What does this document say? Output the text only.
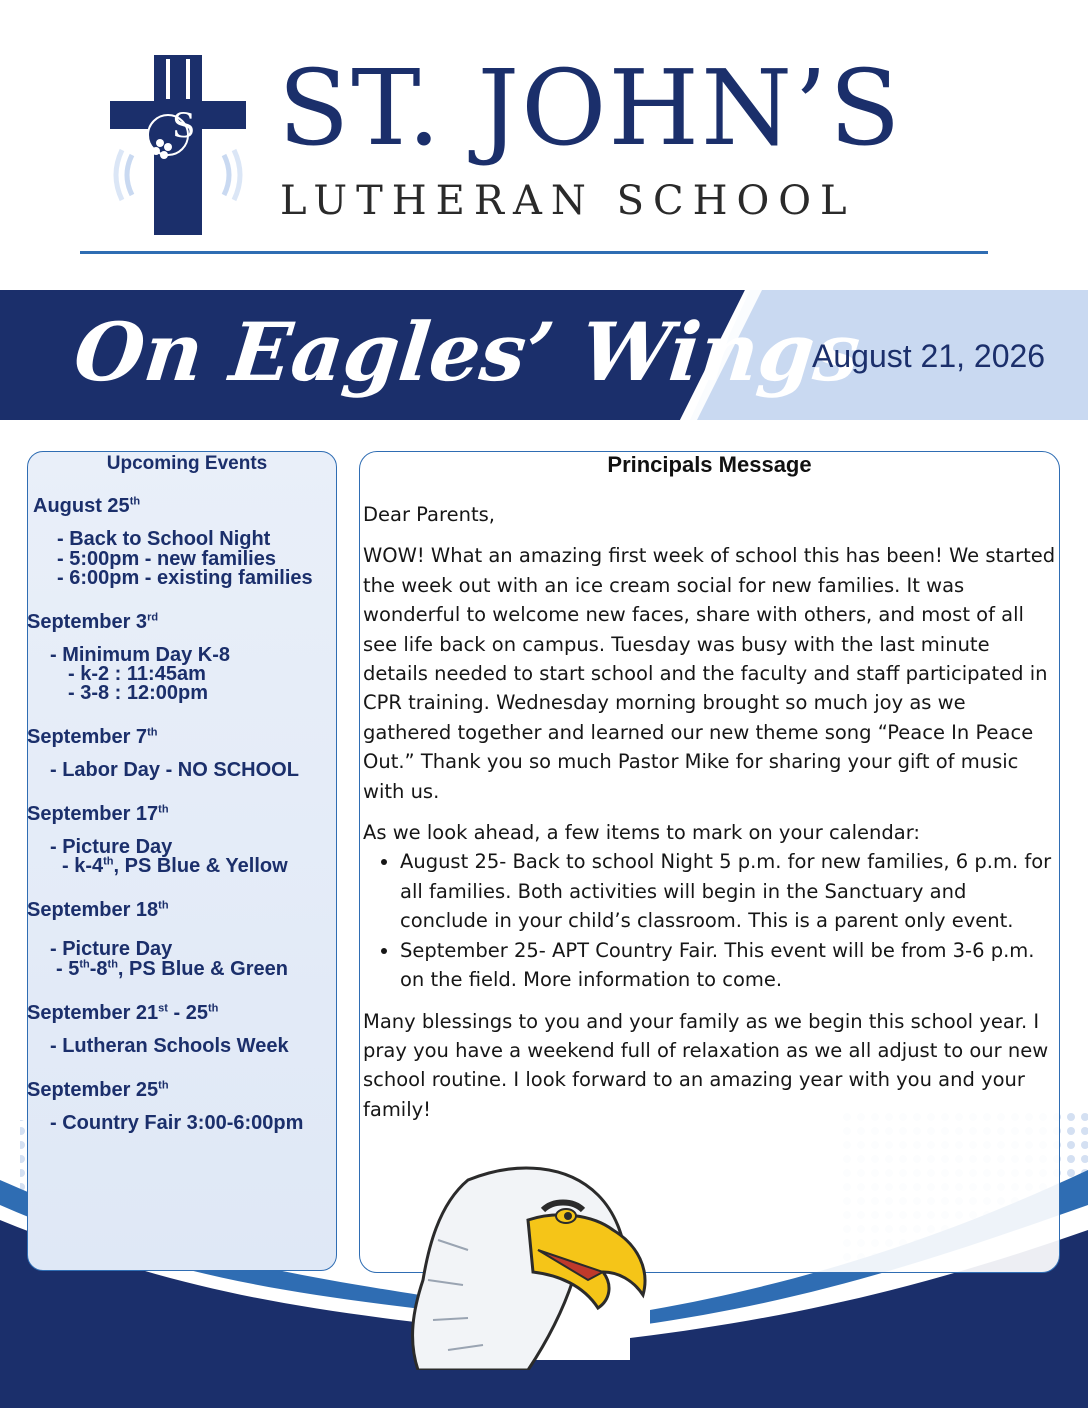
S ST. JOHN’S
LUTHERAN SCHOOL
On Eagles’ Wings
August 21, 2026
Upcoming Events
August 25th
- Back to School Night
- 5:00pm - new families
- 6:00pm - existing families
September 3rd
- Minimum Day K-8
- k-2 : 11:45am
- 3-8 : 12:00pm
September 7th
- Labor Day - NO SCHOOL
September 17th
- Picture Day
- k-4th, PS Blue & Yellow
September 18th
- Picture Day
- 5th-8th, PS Blue & Green
September 21st - 25th
- Lutheran Schools Week
September 25th
- Country Fair 3:00-6:00pm
Principals Message

Dear Parents,

WOW! What an amazing first week of school this has been! We started the week out with an ice cream social for new families. It was wonderful to welcome new faces, share with others, and most of all see life back on campus. Tuesday was busy with the last minute details needed to start school and the faculty and staff participated in CPR training. Wednesday morning brought so much joy as we gathered together and learned our new theme song “Peace In Peace Out.” Thank you so much Pastor Mike for sharing your gift of music with us.

As we look ahead, a few items to mark on your calendar:

• August 25- Back to school Night 5 p.m. for new families, 6 p.m. for all families. Both activities will begin in the Sanctuary and conclude in your child’s classroom. This is a parent only event.
• September 25- APT Country Fair. This event will be from 3-6 p.m. on the field. More information to come.

Many blessings to you and your family as we begin this school year. I pray you have a weekend full of relaxation as we all adjust to our new school routine. I look forward to an amazing year with you and your family!
